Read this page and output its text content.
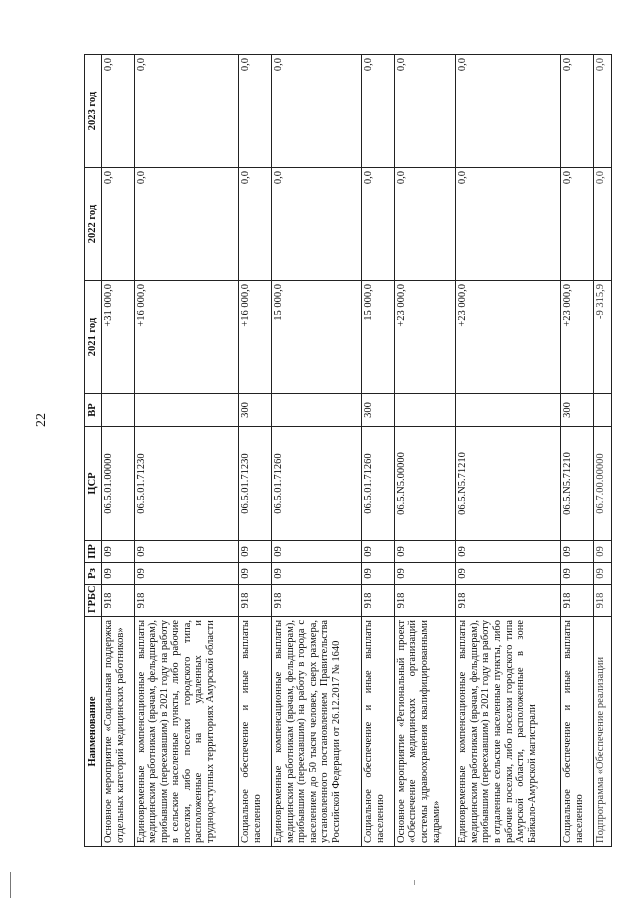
22
Наименование	ГРБС	Рз	ПР	ЦСР	ВР	2021 год	2022 год	2023 год
Основное мероприятие «Социальная поддержка отдельных категорий медицинских работников»	918	09	09	06.5.01.00000		+31 000,0	0,0	0,0
Единовременные компенсационные выплаты медицинским работникам (врачам, фельдшерам), прибывшим (переехавшим) в 2021 году на работу в сельские населенные пункты, либо рабочие поселки, либо поселки городского типа, расположенные на удаленных и труднодоступных территориях Амурской области	918	09	09	06.5.01.71230		+16 000,0	0,0	0,0
Социальное обеспечение и иные выплаты населению	918	09	09	06.5.01.71230	300	+16 000,0	0,0	0,0
Единовременные компенсационные выплаты медицинским работникам (врачам, фельдшерам), прибывшим (переехавшим) на работу в города с населением до 50 тысяч человек, сверх размера, установленного постановлением Правительства Российской Федерации от 26.12.2017 № 1640	918	09	09	06.5.01.71260		15 000,0	0,0	0,0
Социальное обеспечение и иные выплаты населению	918	09	09	06.5.01.71260	300	15 000,0	0,0	0,0
Основное мероприятие «Региональный проект «Обеспечение медицинских организаций системы здравоохранения квалифицированными кадрами»	918	09	09	06.5.N5.00000		+23 000,0	0,0	0,0
Единовременные компенсационные выплаты медицинским работникам (врачам, фельдшерам), прибывшим (переехавшим) в 2021 году на работу в отдаленные сельские населенные пункты, либо рабочие поселки, либо поселки городского типа Амурской области, расположенные в зоне Байкало-Амурской магистрали	918	09	09	06.5.N5.71210		+23 000,0	0,0	0,0
Социальное обеспечение и иные выплаты населению	918	09	09	06.5.N5.71210	300	+23 000,0	0,0	0,0
Подпрограмма «Обеспечение реализации	918	09	09	06.7.00.00000		-9 315,9	0,0	0,0
